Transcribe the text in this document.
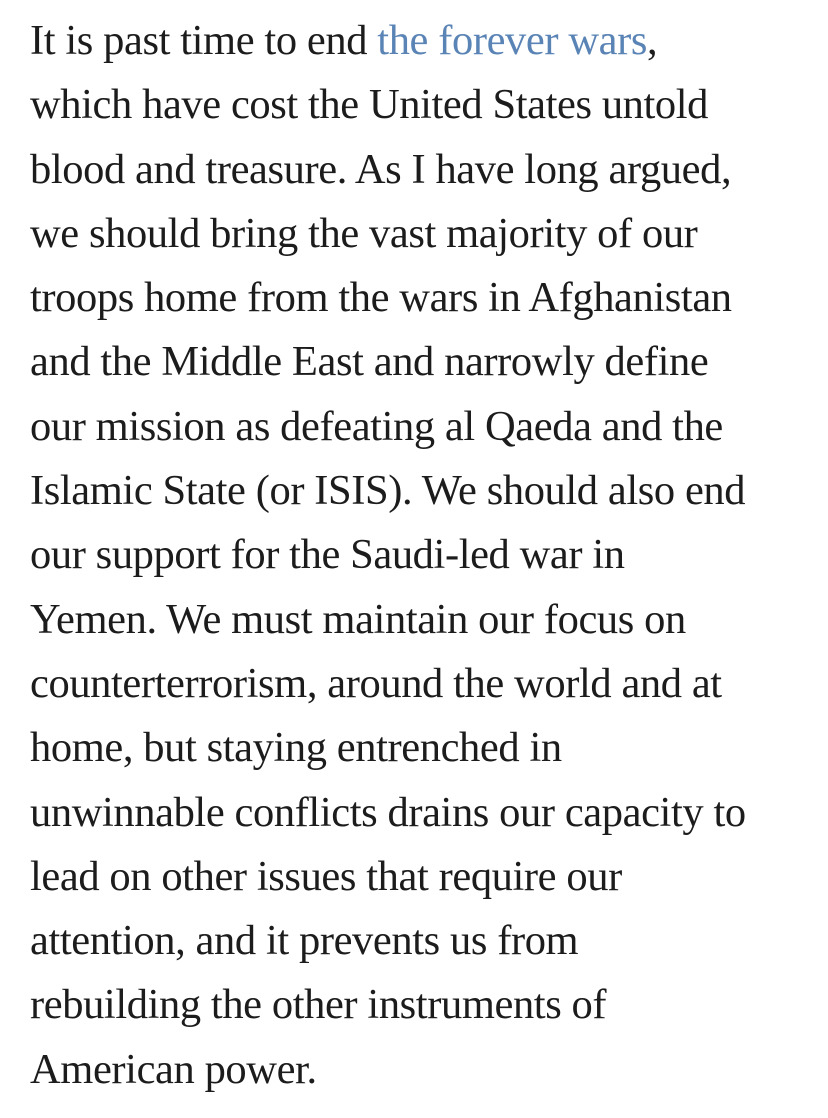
It is past time to end the forever wars,
which have cost the United States untold
blood and treasure. As I have long argued,
we should bring the vast majority of our
troops home from the wars in Afghanistan
and the Middle East and narrowly define
our mission as defeating al Qaeda and the
Islamic State (or ISIS). We should also end
our support for the Saudi-led war in
Yemen. We must maintain our focus on
counterterrorism, around the world and at
home, but staying entrenched in
unwinnable conflicts drains our capacity to
lead on other issues that require our
attention, and it prevents us from
rebuilding the other instruments of
American power.
